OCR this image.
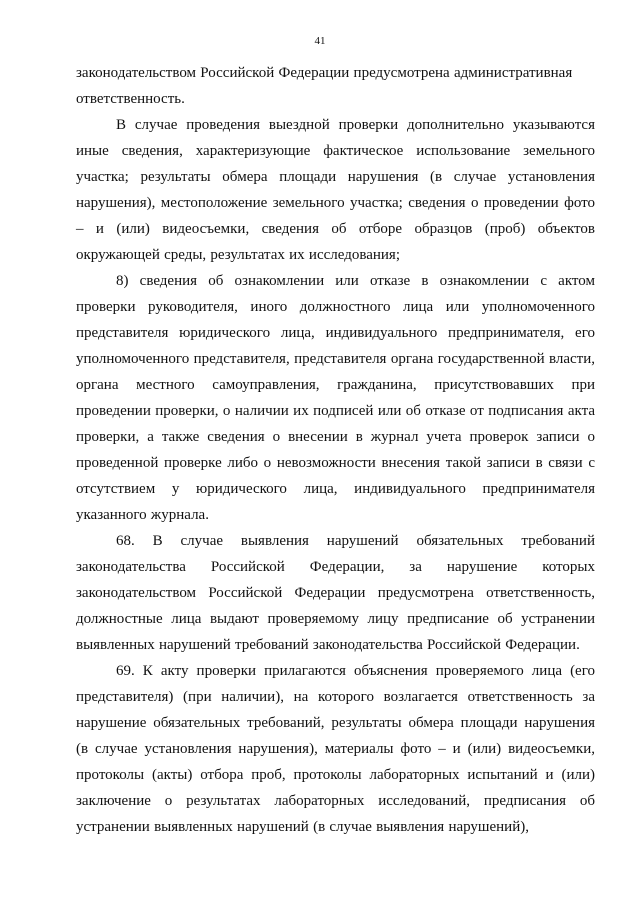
41

законодательством Российской Федерации предусмотрена административная
ответственность.

В случае проведения выездной проверки дополнительно указываются иные сведения, характеризующие фактическое использование земельного участка; результаты обмера площади нарушения (в случае установления нарушения), местоположение земельного участка; сведения о проведении фото – и (или) видеосъемки, сведения об отборе образцов (проб) объектов окружающей среды, результатах их исследования;

8) сведения об ознакомлении или отказе в ознакомлении с актом проверки руководителя, иного должностного лица или уполномоченного представителя юридического лица, индивидуального предпринимателя, его уполномоченного представителя, представителя органа государственной власти, органа местного самоуправления, гражданина, присутствовавших при проведении проверки, о наличии их подписей или об отказе от подписания акта проверки, а также сведения о внесении в журнал учета проверок записи о проведенной проверке либо о невозможности внесения такой записи в связи с отсутствием у юридического лица, индивидуального предпринимателя указанного журнала.

68. В случае выявления нарушений обязательных требований законодательства Российской Федерации, за нарушение которых законодательством Российской Федерации предусмотрена ответственность, должностные лица выдают проверяемому лицу предписание об устранении выявленных нарушений требований законодательства Российской Федерации.

69. К акту проверки прилагаются объяснения проверяемого лица (его представителя) (при наличии), на которого возлагается ответственность за нарушение обязательных требований, результаты обмера площади нарушения (в случае установления нарушения), материалы фото – и (или) видеосъемки, протоколы (акты) отбора проб, протоколы лабораторных испытаний и (или) заключение о результатах лабораторных исследований, предписания об устранении выявленных нарушений (в случае выявления нарушений),
